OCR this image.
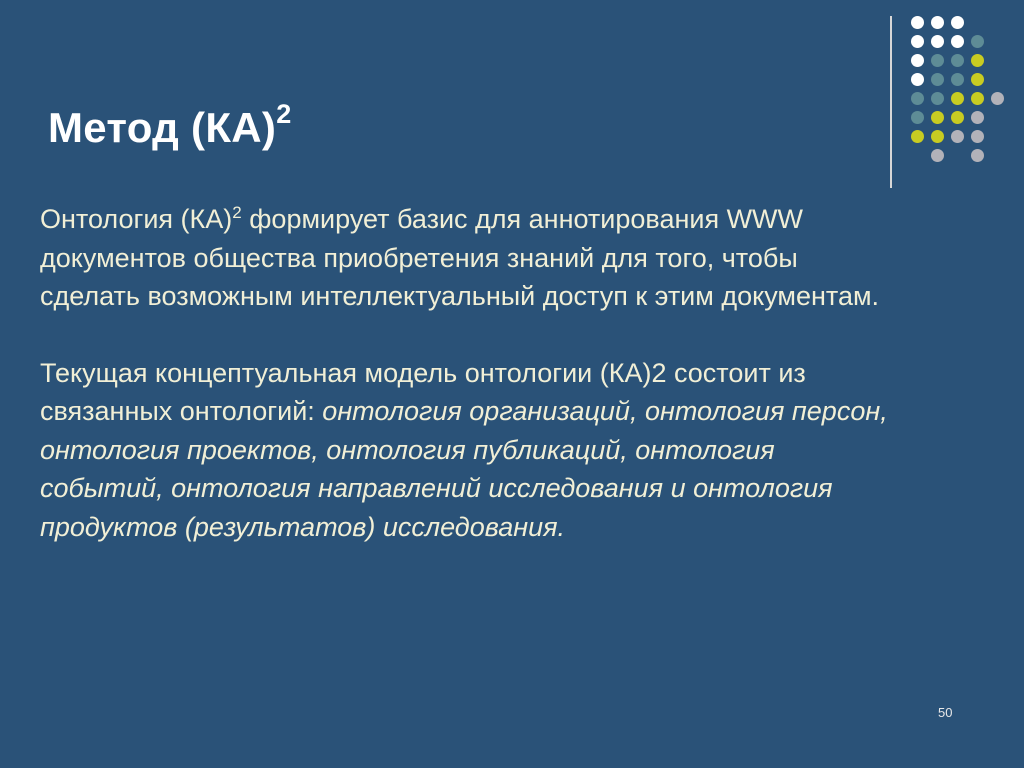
Метод (КА)$^2$

Онтология (КА)$^2$ формирует базис для аннотирования WWW документов общества приобретения знаний для того, чтобы сделать возможным интеллектуальный доступ к этим документам.

Текущая концептуальная модель онтологии (КА)2 состоит из связанных онтологий: онтология организаций, онтология персон, онтология проектов, онтология публикаций, онтология событий, онтология направлений исследования и онтология продуктов (результатов) исследования.

50
